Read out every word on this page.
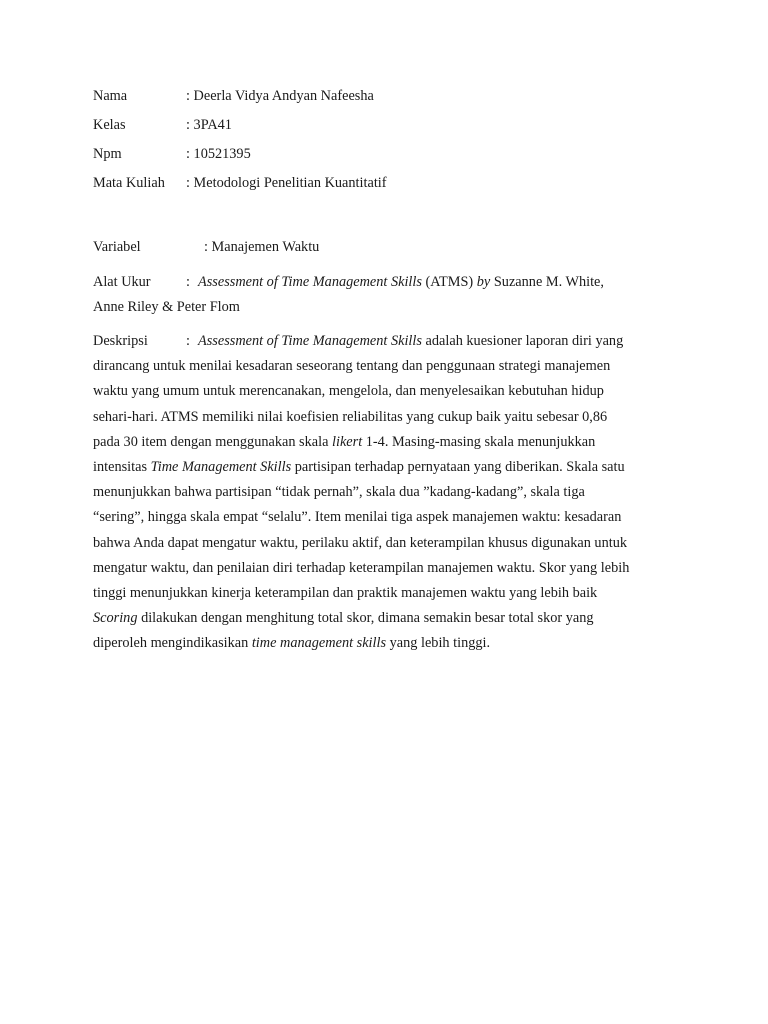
Nama	: Deerla Vidya Andyan Nafeesha
Kelas	: 3PA41
Npm	: 10521395
Mata Kuliah : Metodologi Penelitian Kuantitatif
Variabel	: Manajemen Waktu
Alat Ukur : Assessment of Time Management Skills (ATMS) by Suzanne M. White,
Anne Riley & Peter Flom
Deskripsi	: Assessment of Time Management Skills adalah kuesioner laporan diri yang
dirancang untuk menilai kesadaran seseorang tentang dan penggunaan strategi manajemen
waktu yang umum untuk merencanakan, mengelola, dan menyelesaikan kebutuhan hidup
sehari-hari. ATMS memiliki nilai koefisien reliabilitas yang cukup baik yaitu sebesar 0,86
pada 30 item dengan menggunakan skala likert 1-4. Masing-masing skala menunjukkan
intensitas Time Management Skills partisipan terhadap pernyataan yang diberikan. Skala satu
menunjukkan bahwa partisipan “tidak pernah”, skala dua ”kadang-kadang”, skala tiga
“sering”, hingga skala empat “selalu”. Item menilai tiga aspek manajemen waktu: kesadaran
bahwa Anda dapat mengatur waktu, perilaku aktif, dan keterampilan khusus digunakan untuk
mengatur waktu, dan penilaian diri terhadap keterampilan manajemen waktu. Skor yang lebih
tinggi menunjukkan kinerja keterampilan dan praktik manajemen waktu yang lebih baik
Scoring dilakukan dengan menghitung total skor, dimana semakin besar total skor yang
diperoleh mengindikasikan time management skills yang lebih tinggi.
